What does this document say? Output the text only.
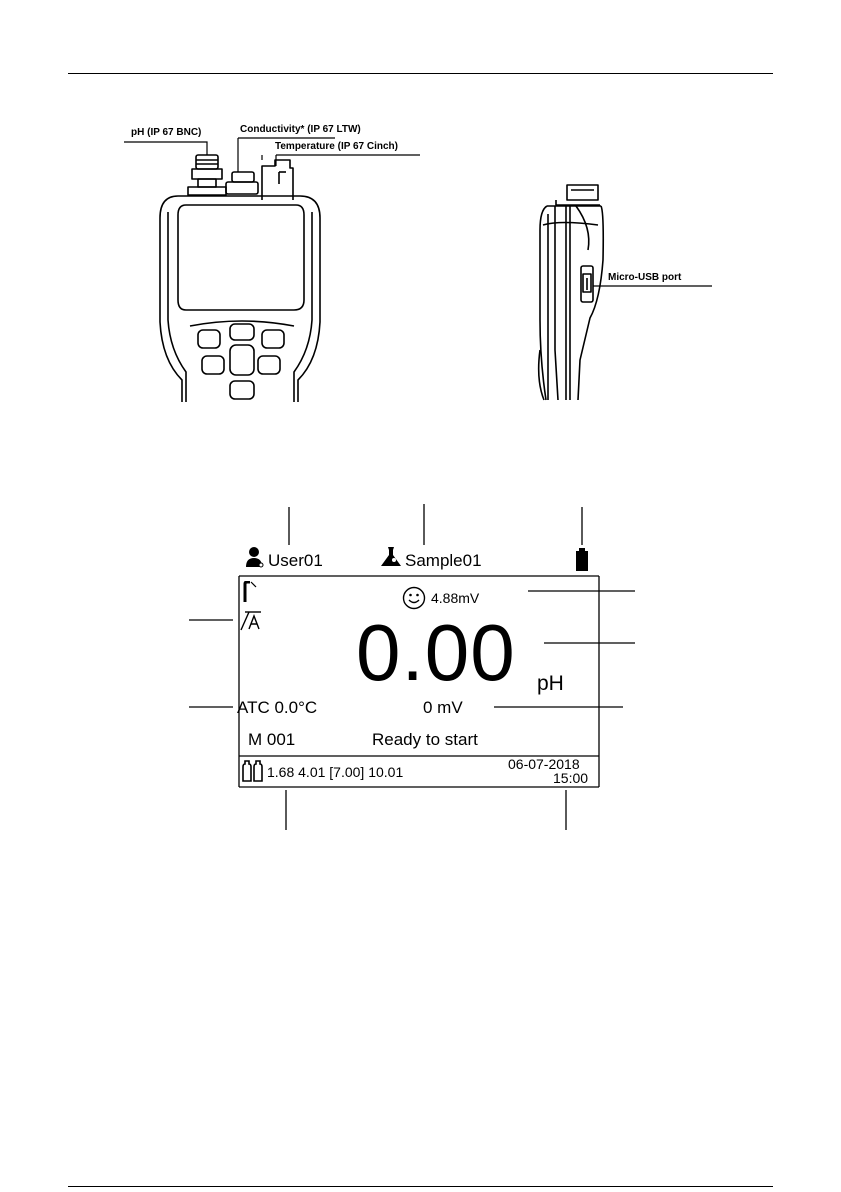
pH (IP 67 BNC)	Conductivity* (IP 67 LTW)
Temperature (IP 67 Cinch)
Micro-USB port
User01	Sample01
4.88mV
0.00 pH
ATC 0.0°C	0 mV
M 001	Ready to start
1.68 4.01 [7.00] 10.01	06-07-2018
15:00
